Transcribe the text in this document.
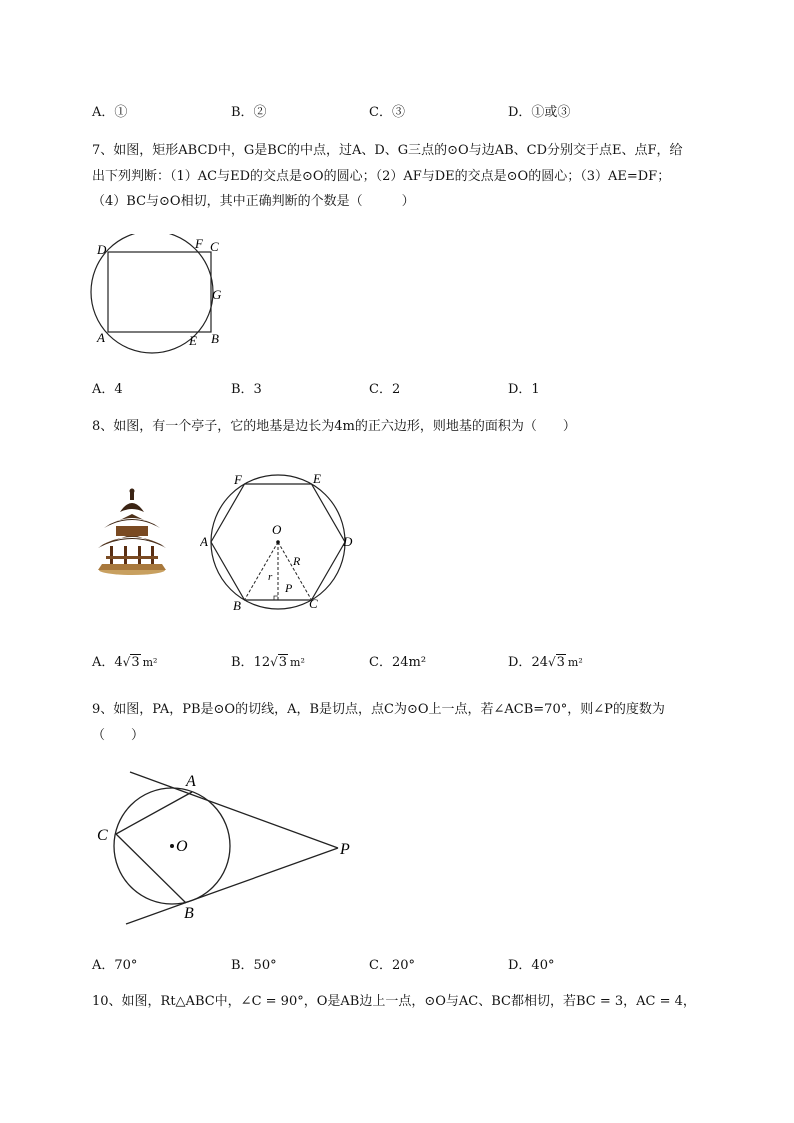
A．①	B．②	C．③	D．①或③
7、如图，矩形ABCD中，G是BC的中点，过A、D、G三点的⊙O与边AB、CD分别交于点E、点F，给
出下列判断：（1）AC与ED的交点是⊙O的圆心；（2）AF与DE的交点是⊙O的圆心；（3）AE=DF；
（4）BC与⊙O相切，其中正确判断的个数是（　　　）
D	F C
G
A	E B
A．4	B．3	C．2	D．1
8、如图，有一个亭子，它的地基是边长为4m的正六边形，则地基的面积为（　　）
F	E
O
A	D
R
r
P
B	C
A．4√3 m²	B．12√3 m²	C．24m²	D．24√3 m²
9、如图，PA，PB是⊙O的切线，A，B是切点，点C为⊙O上一点，若∠ACB=70°，则∠P的度数为
（　　）
A
C
O	P
B
A．70°	B．50°	C．20°	D．40°
10、如图，Rt△ABC中，∠C = 90°，O是AB边上一点，⊙O与AC、BC都相切，若BC = 3，AC = 4，
